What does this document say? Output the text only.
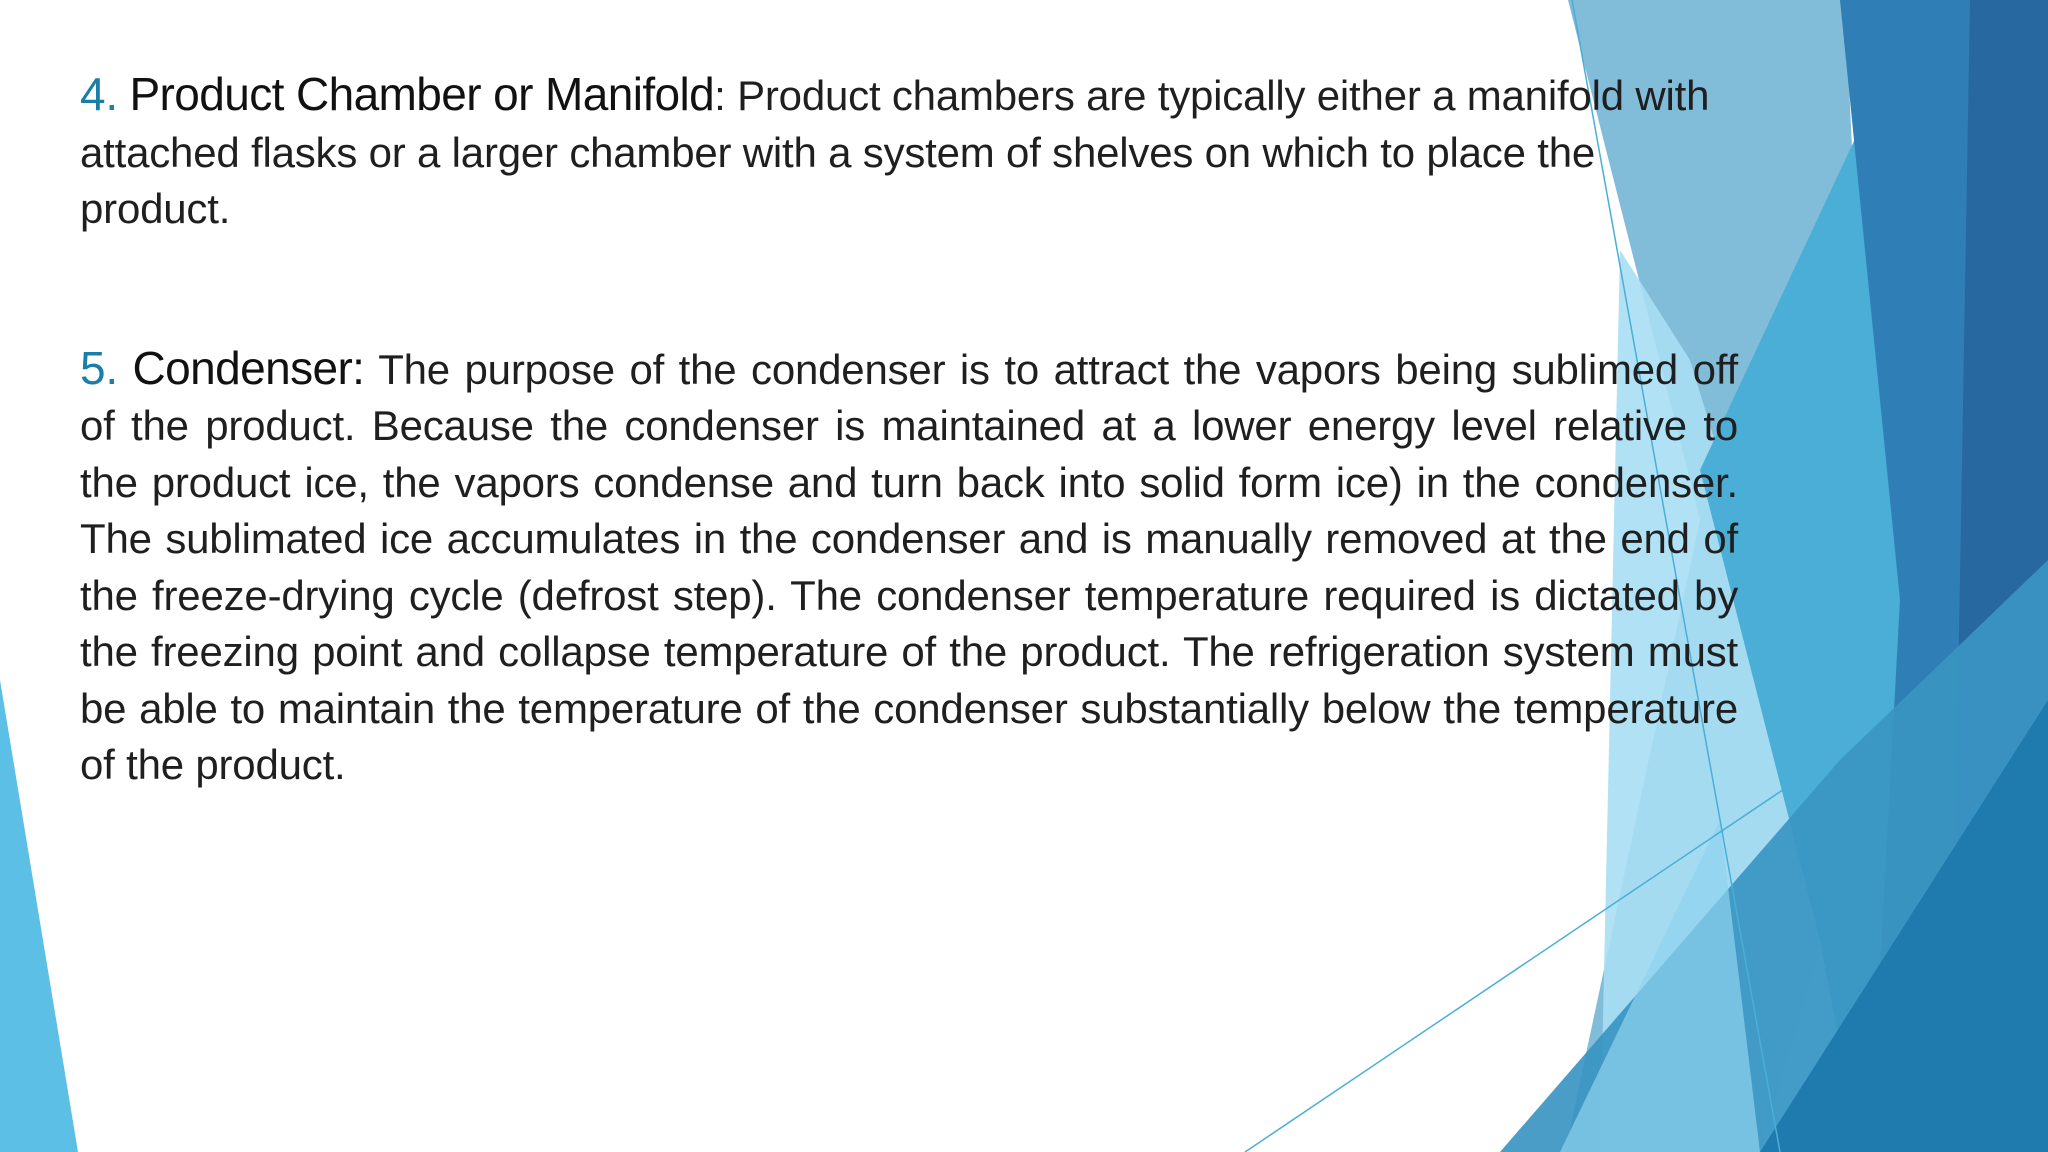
4. Product Chamber or Manifold: Product chambers are typically either a manifold with attached flasks or a larger chamber with a system of shelves on which to place the product.

5. Condenser: The purpose of the condenser is to attract the vapors being sublimed off of the product. Because the condenser is maintained at a lower energy level relative to the product ice, the vapors condense and turn back into solid form ice) in the condenser. The sublimated ice accumulates in the condenser and is manually removed at the end of the freeze-drying cycle (defrost step). The condenser temperature required is dictated by the freezing point and collapse temperature of the product. The refrigeration system must be able to maintain the temperature of the condenser substantially below the temperature of the product.
